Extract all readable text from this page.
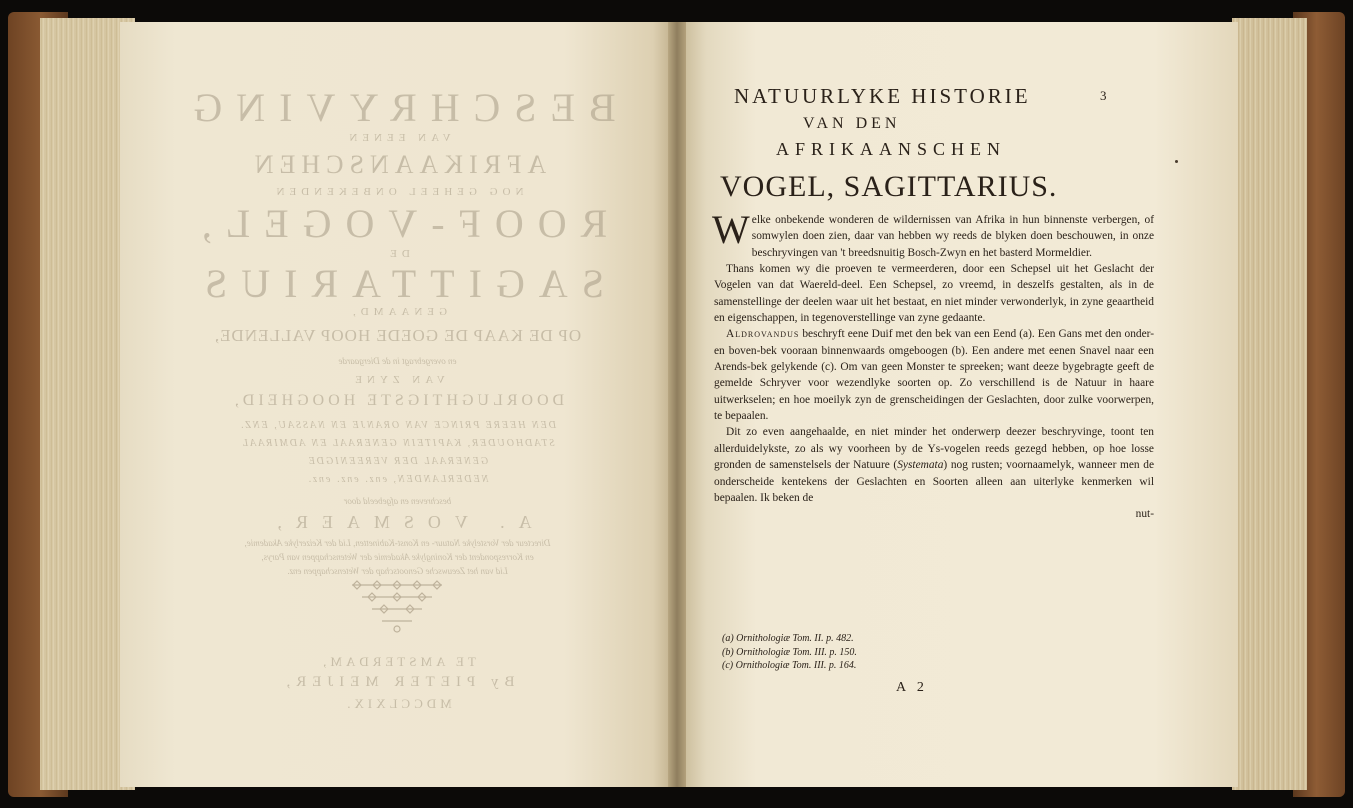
BESCHRYVING
VAN EENEN
AFRIKAANSCHEN
NOG GEHEEL ONBEKENDEN
ROOF-VOGEL,
DE
SAGITTARIUS
GENAAMD,
OP DE KAAP DE GOEDE HOOP VALLENDE,
en overgebragt in de Diergaarde
VAN ZYNE
DOORLUGHTIGSTE HOOGHEID,
DEN HEERE PRINCE VAN ORANJE EN NASSAU, ENZ.
STADHOUDER, KAPITEIN GENERAAL EN ADMIRAAL
GENERAAL DER VEREENIGDE
NEDERLANDEN, enz. enz. enz.
beschreven en afgebeeld door
A. VOSMAER,
Directeur der Vorstelyke Natuur- en Konst-Kabinetten, Lid der Keizerlyke Akademie,
en Korrespondent der Koninglyke Akademie der Wetenschappen van Parys,
Lid van het Zeeuwsche Genootschap der Wetenschappen enz.
TE AMSTERDAM,
By PIETER MEIJER,
MDCCLXIX.
NATUURLYKE HISTORIE	3
VAN DEN
AFRIKAANSCHEN
VOGEL, SAGITTARIUS.

Welke onbekende wonderen de wildernissen van Afrika in hun binnenste verbergen, of somwylen doen zien, daar van hebben wy reeds de blyken doen beschouwen, in onze beschryvingen van 't breedsnuitig Bosch-Zwyn en het basterd Mormeldier.

Thans komen wy die proeven te vermeerderen, door een Schepsel uit het Geslacht der Vogelen van dat Waereld-deel. Een Schepsel, zo vreemd, in deszelfs gestalten, als in de samenstellinge der deelen waar uit het bestaat, en niet minder verwonderlyk, in zyne geaartheid en eigenschappen, in tegenoverstellinge van zyne gedaante.

Aldrovandus beschryft eene Duif met den bek van een Eend (a). Een Gans met den onder- en boven-bek vooraan binnenwaards omgeboogen (b). Een andere met eenen Snavel naar een Arends-bek gelykende (c). Om van geen Monster te spreeken; want deeze bygebragte geeft de gemelde Schryver voor wezendlyke soorten op. Zo verschillend is de Natuur in haare uitwerkselen; en hoe moeilyk zyn de grenscheidingen der Geslachten, door zulke voorwerpen, te bepaalen.

Dit zo even aangehaalde, en niet minder het onderwerp deezer beschryvinge, toont ten allerduidelykste, zo als wy voorheen by de Ys-vogelen reeds gezegd hebben, op hoe losse gronden de samenstelsels der Natuure (Systemata) nog rusten; voornaamelyk, wanneer men de onderscheide kentekens der Geslachten en Soorten alleen aan uiterlyke kenmerken wil bepaalen. Ik beken de

nut-

(a) Ornithologiæ Tom. II. p. 482.
(b) Ornithologiæ Tom. III. p. 150.
(c) Ornithologiæ Tom. III. p. 164.
A 2
